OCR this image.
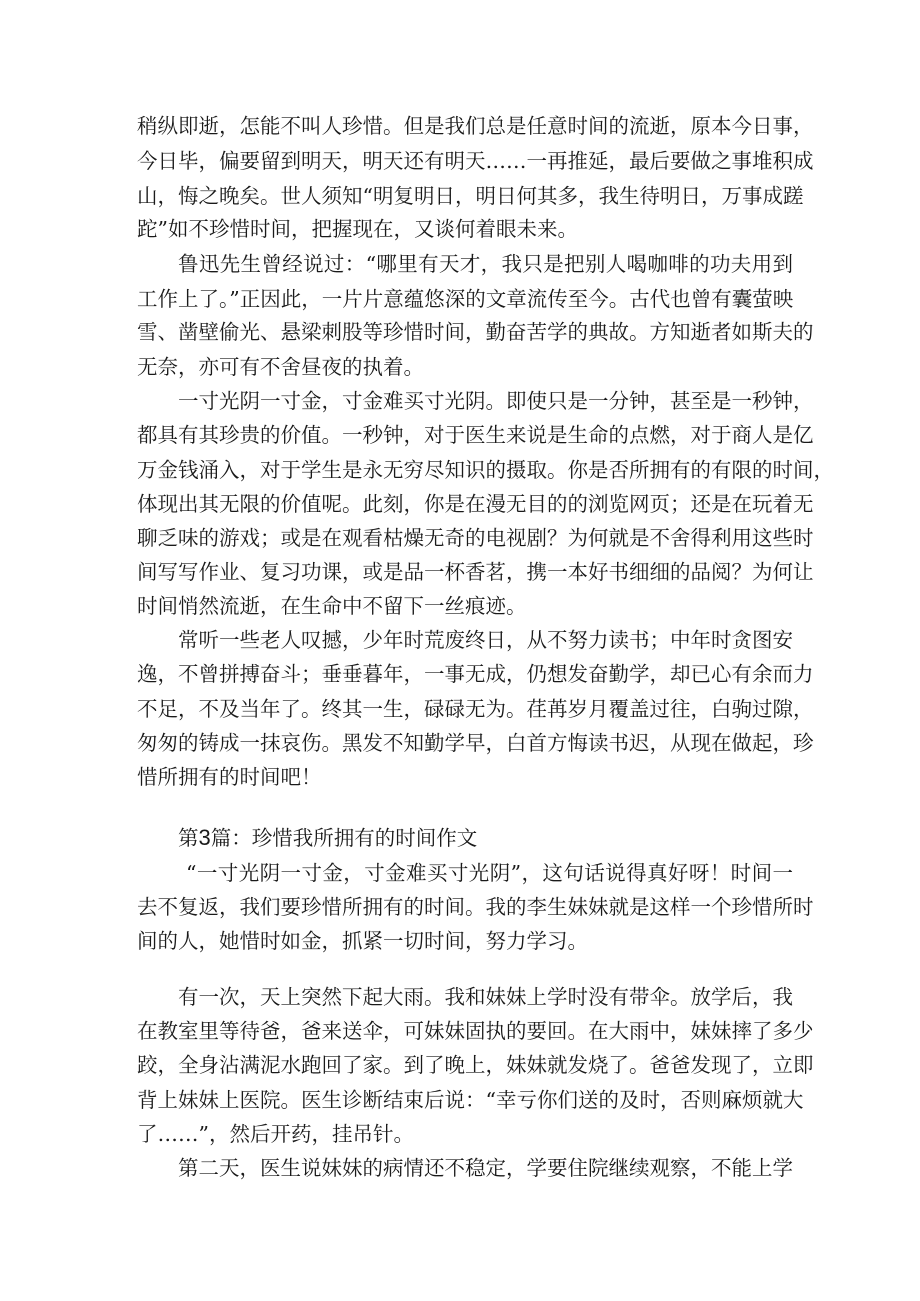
稍纵即逝，怎能不叫人珍惜。但是我们总是任意时间的流逝，原本今日事，
今日毕，偏要留到明天，明天还有明天……一再推延，最后要做之事堆积成
山，悔之晚矣。世人须知“明复明日，明日何其多，我生待明日，万事成蹉
跎”如不珍惜时间，把握现在，又谈何着眼未来。
鲁迅先生曾经说过：“哪里有天才，我只是把别人喝咖啡的功夫用到
工作上了。”正因此，一片片意蕴悠深的文章流传至今。古代也曾有囊萤映
雪、凿壁偷光、悬梁刺股等珍惜时间，勤奋苦学的典故。方知逝者如斯夫的
无奈，亦可有不舍昼夜的执着。
一寸光阴一寸金，寸金难买寸光阴。即使只是一分钟，甚至是一秒钟，
都具有其珍贵的价值。一秒钟，对于医生来说是生命的点燃，对于商人是亿
万金钱涌入，对于学生是永无穷尽知识的摄取。你是否所拥有的有限的时间，
体现出其无限的价值呢。此刻，你是在漫无目的的浏览网页；还是在玩着无
聊乏味的游戏；或是在观看枯燥无奇的电视剧？为何就是不舍得利用这些时
间写写作业、复习功课，或是品一杯香茗，携一本好书细细的品阅？为何让
时间悄然流逝，在生命中不留下一丝痕迹。
常听一些老人叹撼，少年时荒废终日，从不努力读书；中年时贪图安
逸，不曾拼搏奋斗；垂垂暮年，一事无成，仍想发奋勤学，却已心有余而力
不足，不及当年了。终其一生，碌碌无为。荏苒岁月覆盖过往，白驹过隙，
匆匆的铸成一抹哀伤。黑发不知勤学早，白首方悔读书迟，从现在做起，珍
惜所拥有的时间吧！
第3篇：珍惜我所拥有的时间作文
“一寸光阴一寸金，寸金难买寸光阴”，这句话说得真好呀！时间一
去不复返，我们要珍惜所拥有的时间。我的李生妹妹就是这样一个珍惜所时
间的人，她惜时如金，抓紧一切时间，努力学习。
有一次，天上突然下起大雨。我和妹妹上学时没有带伞。放学后，我
在教室里等待爸，爸来送伞，可妹妹固执的要回。在大雨中，妹妹摔了多少
跤，全身沾满泥水跑回了家。到了晚上，妹妹就发烧了。爸爸发现了，立即
背上妹妹上医院。医生诊断结束后说：“幸亏你们送的及时，否则麻烦就大
了……”，然后开药，挂吊针。
第二天，医生说妹妹的病情还不稳定，学要住院继续观察，不能上学
